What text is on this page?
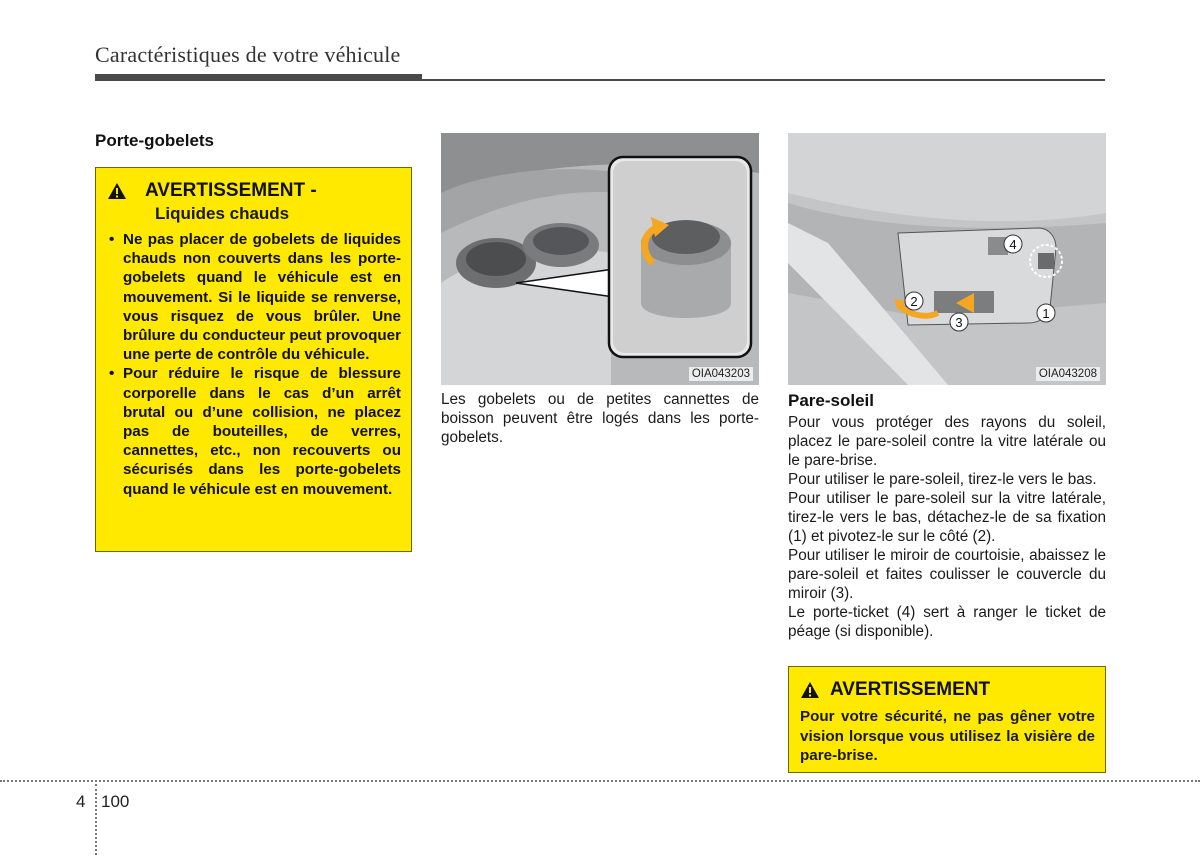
Caractéristiques de votre véhicule
Porte-gobelets
AVERTISSEMENT -
Liquides chauds
• Ne pas placer de gobelets de liquides chauds non couverts dans les porte-gobelets quand le véhicule est en mouvement. Si le liquide se renverse, vous risquez de vous brûler. Une brûlure du conducteur peut provoquer une perte de contrôle du véhicule.
• Pour réduire le risque de blessure corporelle dans le cas d’un arrêt brutal ou d’une collision, ne placez pas de bouteilles, de verres, cannettes, etc., non recouverts ou sécurisés dans les porte-gobelets quand le véhicule est en mouvement.
OIA043203
Les gobelets ou de petites cannettes de boisson peuvent être logés dans les porte-gobelets.
2
3
4
1
OIA043208
Pare-soleil

Pour vous protéger des rayons du soleil, placez le pare-soleil contre la vitre latérale ou le pare-brise.

Pour utiliser le pare-soleil, tirez-le vers le bas.

Pour utiliser le pare-soleil sur la vitre latérale, tirez-le vers le bas, détachez-le de sa fixation (1) et pivotez-le sur le côté (2).

Pour utiliser le miroir de courtoisie, abaissez le pare-soleil et faites coulisser le couvercle du miroir (3).

Le porte-ticket (4) sert à ranger le ticket de péage (si disponible).

AVERTISSEMENT
Pour votre sécurité, ne pas gêner votre vision lorsque vous utilisez la visière de pare-brise.
4 100
